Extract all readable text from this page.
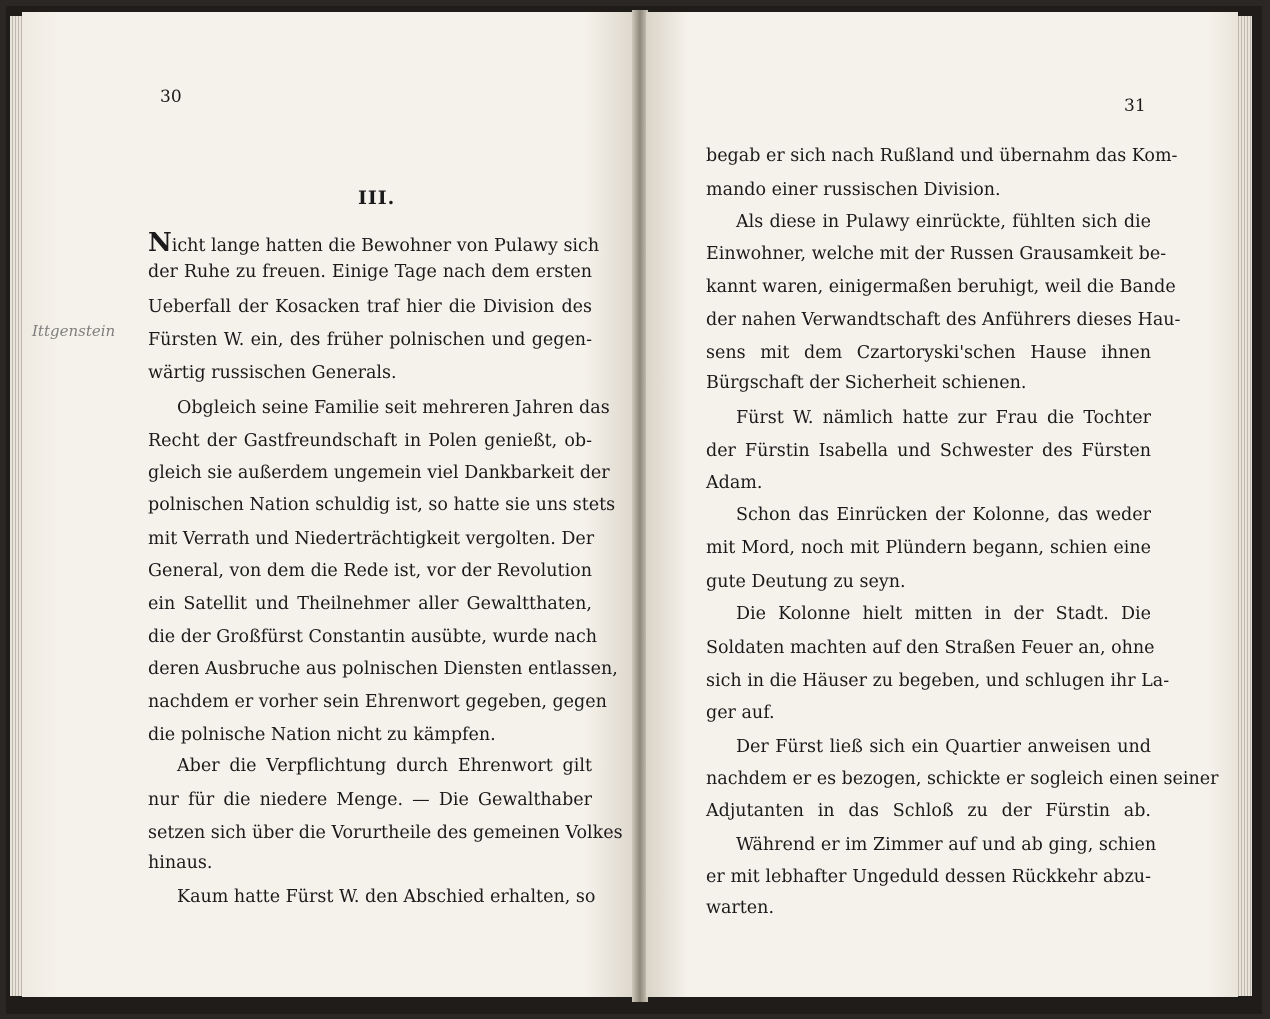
30
III.
Nicht lange hatten die Bewohner von Pulawy sich
der Ruhe zu freuen. Einige Tage nach dem ersten
Ueberfall der Kosacken traf hier die Division des
Fürsten W. ein, des früher polnischen und gegen-
wärtig russischen Generals.
Obgleich seine Familie seit mehreren Jahren das
Recht der Gastfreundschaft in Polen genießt, ob-
gleich sie außerdem ungemein viel Dankbarkeit der
polnischen Nation schuldig ist, so hatte sie uns stets
mit Verrath und Niederträchtigkeit vergolten. Der
General, von dem die Rede ist, vor der Revolution
ein Satellit und Theilnehmer aller Gewaltthaten,
die der Großfürst Constantin ausübte, wurde nach
deren Ausbruche aus polnischen Diensten entlassen,
nachdem er vorher sein Ehrenwort gegeben, gegen
die polnische Nation nicht zu kämpfen.
Aber die Verpflichtung durch Ehrenwort gilt
nur für die niedere Menge. — Die Gewalthaber
setzen sich über die Vorurtheile des gemeinen Volkes
hinaus.
Kaum hatte Fürst W. den Abschied erhalten, so
Ittgenstein
31
begab er sich nach Rußland und übernahm das Kom-
mando einer russischen Division.
Als diese in Pulawy einrückte, fühlten sich die
Einwohner, welche mit der Russen Grausamkeit be-
kannt waren, einigermaßen beruhigt, weil die Bande
der nahen Verwandtschaft des Anführers dieses Hau-
sens mit dem Czartoryski'schen Hause ihnen
Bürgschaft der Sicherheit schienen.
Fürst W. nämlich hatte zur Frau die Tochter
der Fürstin Isabella und Schwester des Fürsten
Adam.
Schon das Einrücken der Kolonne, das weder
mit Mord, noch mit Plündern begann, schien eine
gute Deutung zu seyn.
Die Kolonne hielt mitten in der Stadt. Die
Soldaten machten auf den Straßen Feuer an, ohne
sich in die Häuser zu begeben, und schlugen ihr La-
ger auf.
Der Fürst ließ sich ein Quartier anweisen und
nachdem er es bezogen, schickte er sogleich einen seiner
Adjutanten in das Schloß zu der Fürstin ab.
Während er im Zimmer auf und ab ging, schien
er mit lebhafter Ungeduld dessen Rückkehr abzu-
warten.
